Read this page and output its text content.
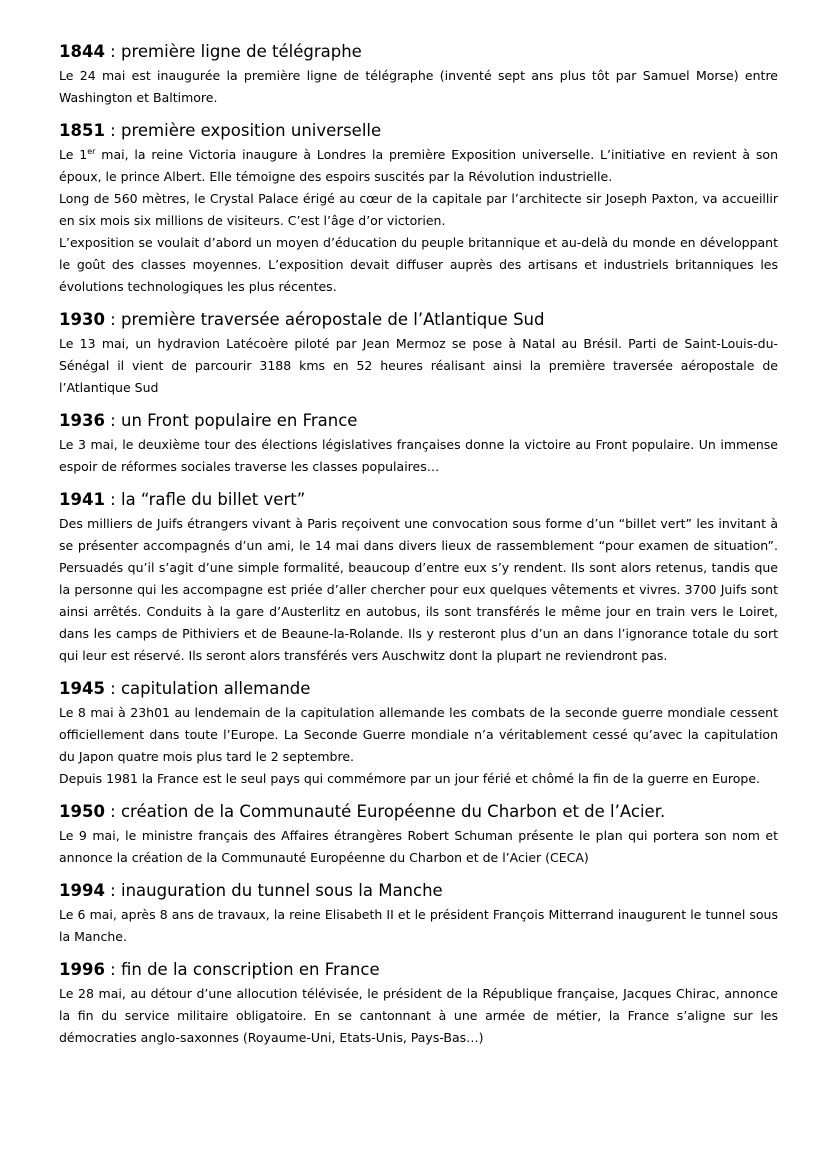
1844 : première ligne de télégraphe

Le 24 mai est inaugurée la première ligne de télégraphe (inventé sept ans plus tôt par Samuel Morse) entre Washington et Baltimore.

1851 : première exposition universelle

Le 1er mai, la reine Victoria inaugure à Londres la première Exposition universelle. L’initiative en revient à son époux, le prince Albert. Elle témoigne des espoirs suscités par la Révolution industrielle.

Long de 560 mètres, le Crystal Palace érigé au cœur de la capitale par l’architecte sir Joseph Paxton, va accueillir en six mois six millions de visiteurs. C’est l’âge d’or victorien.

L’exposition se voulait d’abord un moyen d’éducation du peuple britannique et au-delà du monde en développant le goût des classes moyennes. L’exposition devait diffuser auprès des artisans et industriels britanniques les évolutions technologiques les plus récentes.

1930 : première traversée aéropostale de l’Atlantique Sud

Le 13 mai, un hydravion Latécoère piloté par Jean Mermoz se pose à Natal au Brésil. Parti de Saint-Louis-du-Sénégal il vient de parcourir 3188 kms en 52 heures réalisant ainsi la première traversée aéropostale de l’Atlantique Sud

1936 : un Front populaire en France

Le 3 mai, le deuxième tour des élections législatives françaises donne la victoire au Front populaire. Un immense espoir de réformes sociales traverse les classes populaires…

1941 : la “rafle du billet vert”

Des milliers de Juifs étrangers vivant à Paris reçoivent une convocation sous forme d’un “billet vert” les invitant à se présenter accompagnés d’un ami, le 14 mai dans divers lieux de rassemblement “pour examen de situation”. Persuadés qu’il s’agit d’une simple formalité, beaucoup d’entre eux s’y rendent. Ils sont alors retenus, tandis que la personne qui les accompagne est priée d’aller chercher pour eux quelques vêtements et vivres. 3700 Juifs sont ainsi arrêtés. Conduits à la gare d’Austerlitz en autobus, ils sont transférés le même jour en train vers le Loiret, dans les camps de Pithiviers et de Beaune-la-Rolande. Ils y resteront plus d’un an dans l’ignorance totale du sort qui leur est réservé. Ils seront alors transférés vers Auschwitz dont la plupart ne reviendront pas.

1945 : capitulation allemande

Le 8 mai à 23h01 au lendemain de la capitulation allemande les combats de la seconde guerre mondiale cessent officiellement dans toute l’Europe. La Seconde Guerre mondiale n’a véritablement cessé qu’avec la capitulation du Japon quatre mois plus tard le 2 septembre.

Depuis 1981 la France est le seul pays qui commémore par un jour férié et chômé la fin de la guerre en Europe.

1950 : création de la Communauté Européenne du Charbon et de l’Acier.

Le 9 mai, le ministre français des Affaires étrangères Robert Schuman présente le plan qui portera son nom et annonce la création de la Communauté Européenne du Charbon et de l’Acier (CECA)

1994 : inauguration du tunnel sous la Manche

Le 6 mai, après 8 ans de travaux, la reine Elisabeth II et le président François Mitterrand inaugurent le tunnel sous la Manche.

1996 : fin de la conscription en France

Le 28 mai, au détour d’une allocution télévisée, le président de la République française, Jacques Chirac, annonce la fin du service militaire obligatoire. En se cantonnant à une armée de métier, la France s’aligne sur les démocraties anglo-saxonnes (Royaume-Uni, Etats-Unis, Pays-Bas…)
